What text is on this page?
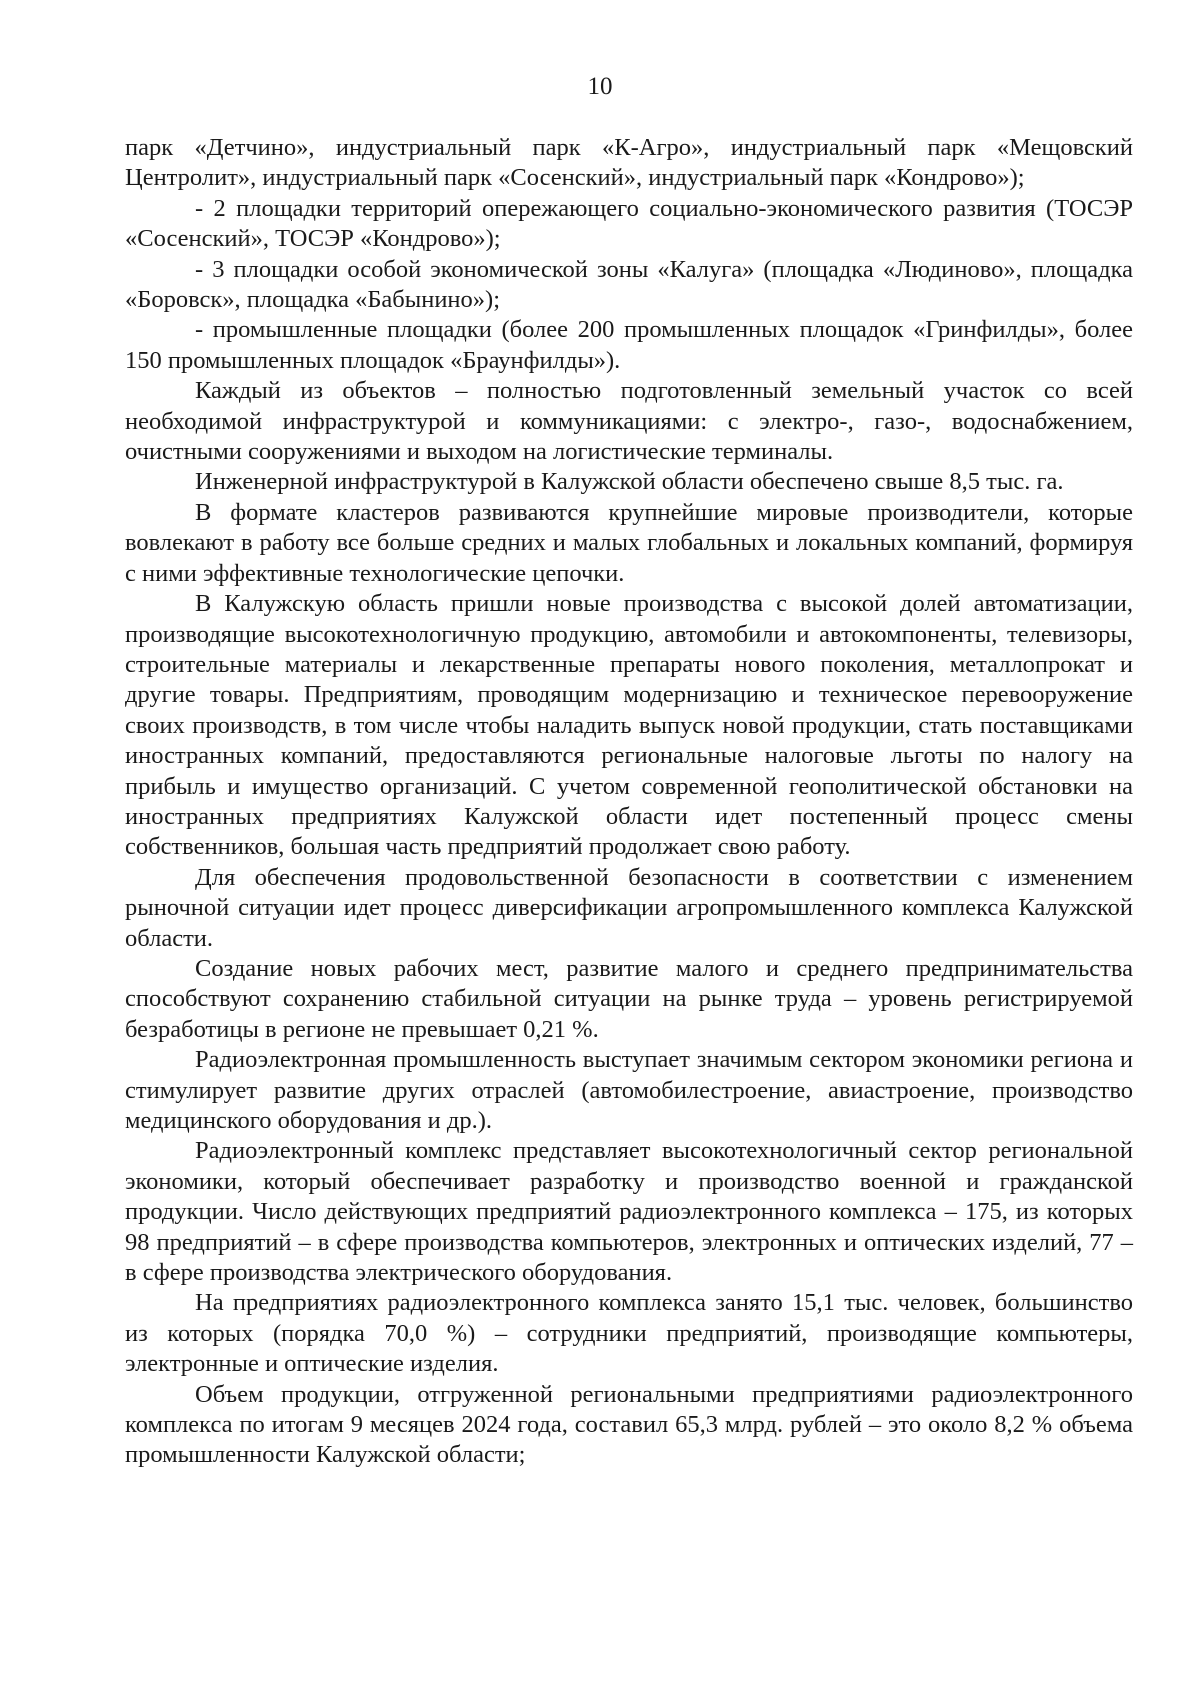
10

парк «Детчино», индустриальный парк «К-Агро», индустриальный парк «Мещовский Центролит», индустриальный парк «Сосенский», индустриальный парк «Кондрово»);

- 2 площадки территорий опережающего социально-экономического развития (ТОСЭР «Сосенский», ТОСЭР «Кондрово»);

- 3 площадки особой экономической зоны «Калуга» (площадка «Людиново», площадка «Боровск», площадка «Бабынино»);

- промышленные площадки (более 200 промышленных площадок «Гринфилды», более 150 промышленных площадок «Браунфилды»).

Каждый из объектов – полностью подготовленный земельный участок со всей необходимой инфраструктурой и коммуникациями: с электро-, газо-, водоснабжением, очистными сооружениями и выходом на логистические терминалы.

Инженерной инфраструктурой в Калужской области обеспечено свыше 8,5 тыс. га.

В формате кластеров развиваются крупнейшие мировые производители, которые вовлекают в работу все больше средних и малых глобальных и локальных компаний, формируя с ними эффективные технологические цепочки.

В Калужскую область пришли новые производства с высокой долей автоматизации, производящие высокотехнологичную продукцию, автомобили и автокомпоненты, телевизоры, строительные материалы и лекарственные препараты нового поколения, металлопрокат и другие товары. Предприятиям, проводящим модернизацию и техническое перевооружение своих производств, в том числе чтобы наладить выпуск новой продукции, стать поставщиками иностранных компаний, предоставляются региональные налоговые льготы по налогу на прибыль и имущество организаций. С учетом современной геополитической обстановки на иностранных предприятиях Калужской области идет постепенный процесс смены собственников, большая часть предприятий продолжает свою работу.

Для обеспечения продовольственной безопасности в соответствии с изменением рыночной ситуации идет процесс диверсификации агропромышленного комплекса Калужской области.

Создание новых рабочих мест, развитие малого и среднего предпринимательства способствуют сохранению стабильной ситуации на рынке труда – уровень регистрируемой безработицы в регионе не превышает 0,21 %.

Радиоэлектронная промышленность выступает значимым сектором экономики региона и стимулирует развитие других отраслей (автомобилестроение, авиастроение, производство медицинского оборудования и др.).

Радиоэлектронный комплекс представляет высокотехнологичный сектор региональной экономики, который обеспечивает разработку и производство военной и гражданской продукции. Число действующих предприятий радиоэлектронного комплекса – 175, из которых 98 предприятий – в сфере производства компьютеров, электронных и оптических изделий, 77 – в сфере производства электрического оборудования.

На предприятиях радиоэлектронного комплекса занято 15,1 тыс. человек, большинство из которых (порядка 70,0 %) – сотрудники предприятий, производящие компьютеры, электронные и оптические изделия.

Объем продукции, отгруженной региональными предприятиями радиоэлектронного комплекса по итогам 9 месяцев 2024 года, составил 65,3 млрд. рублей – это около 8,2 % объема промышленности Калужской области;
